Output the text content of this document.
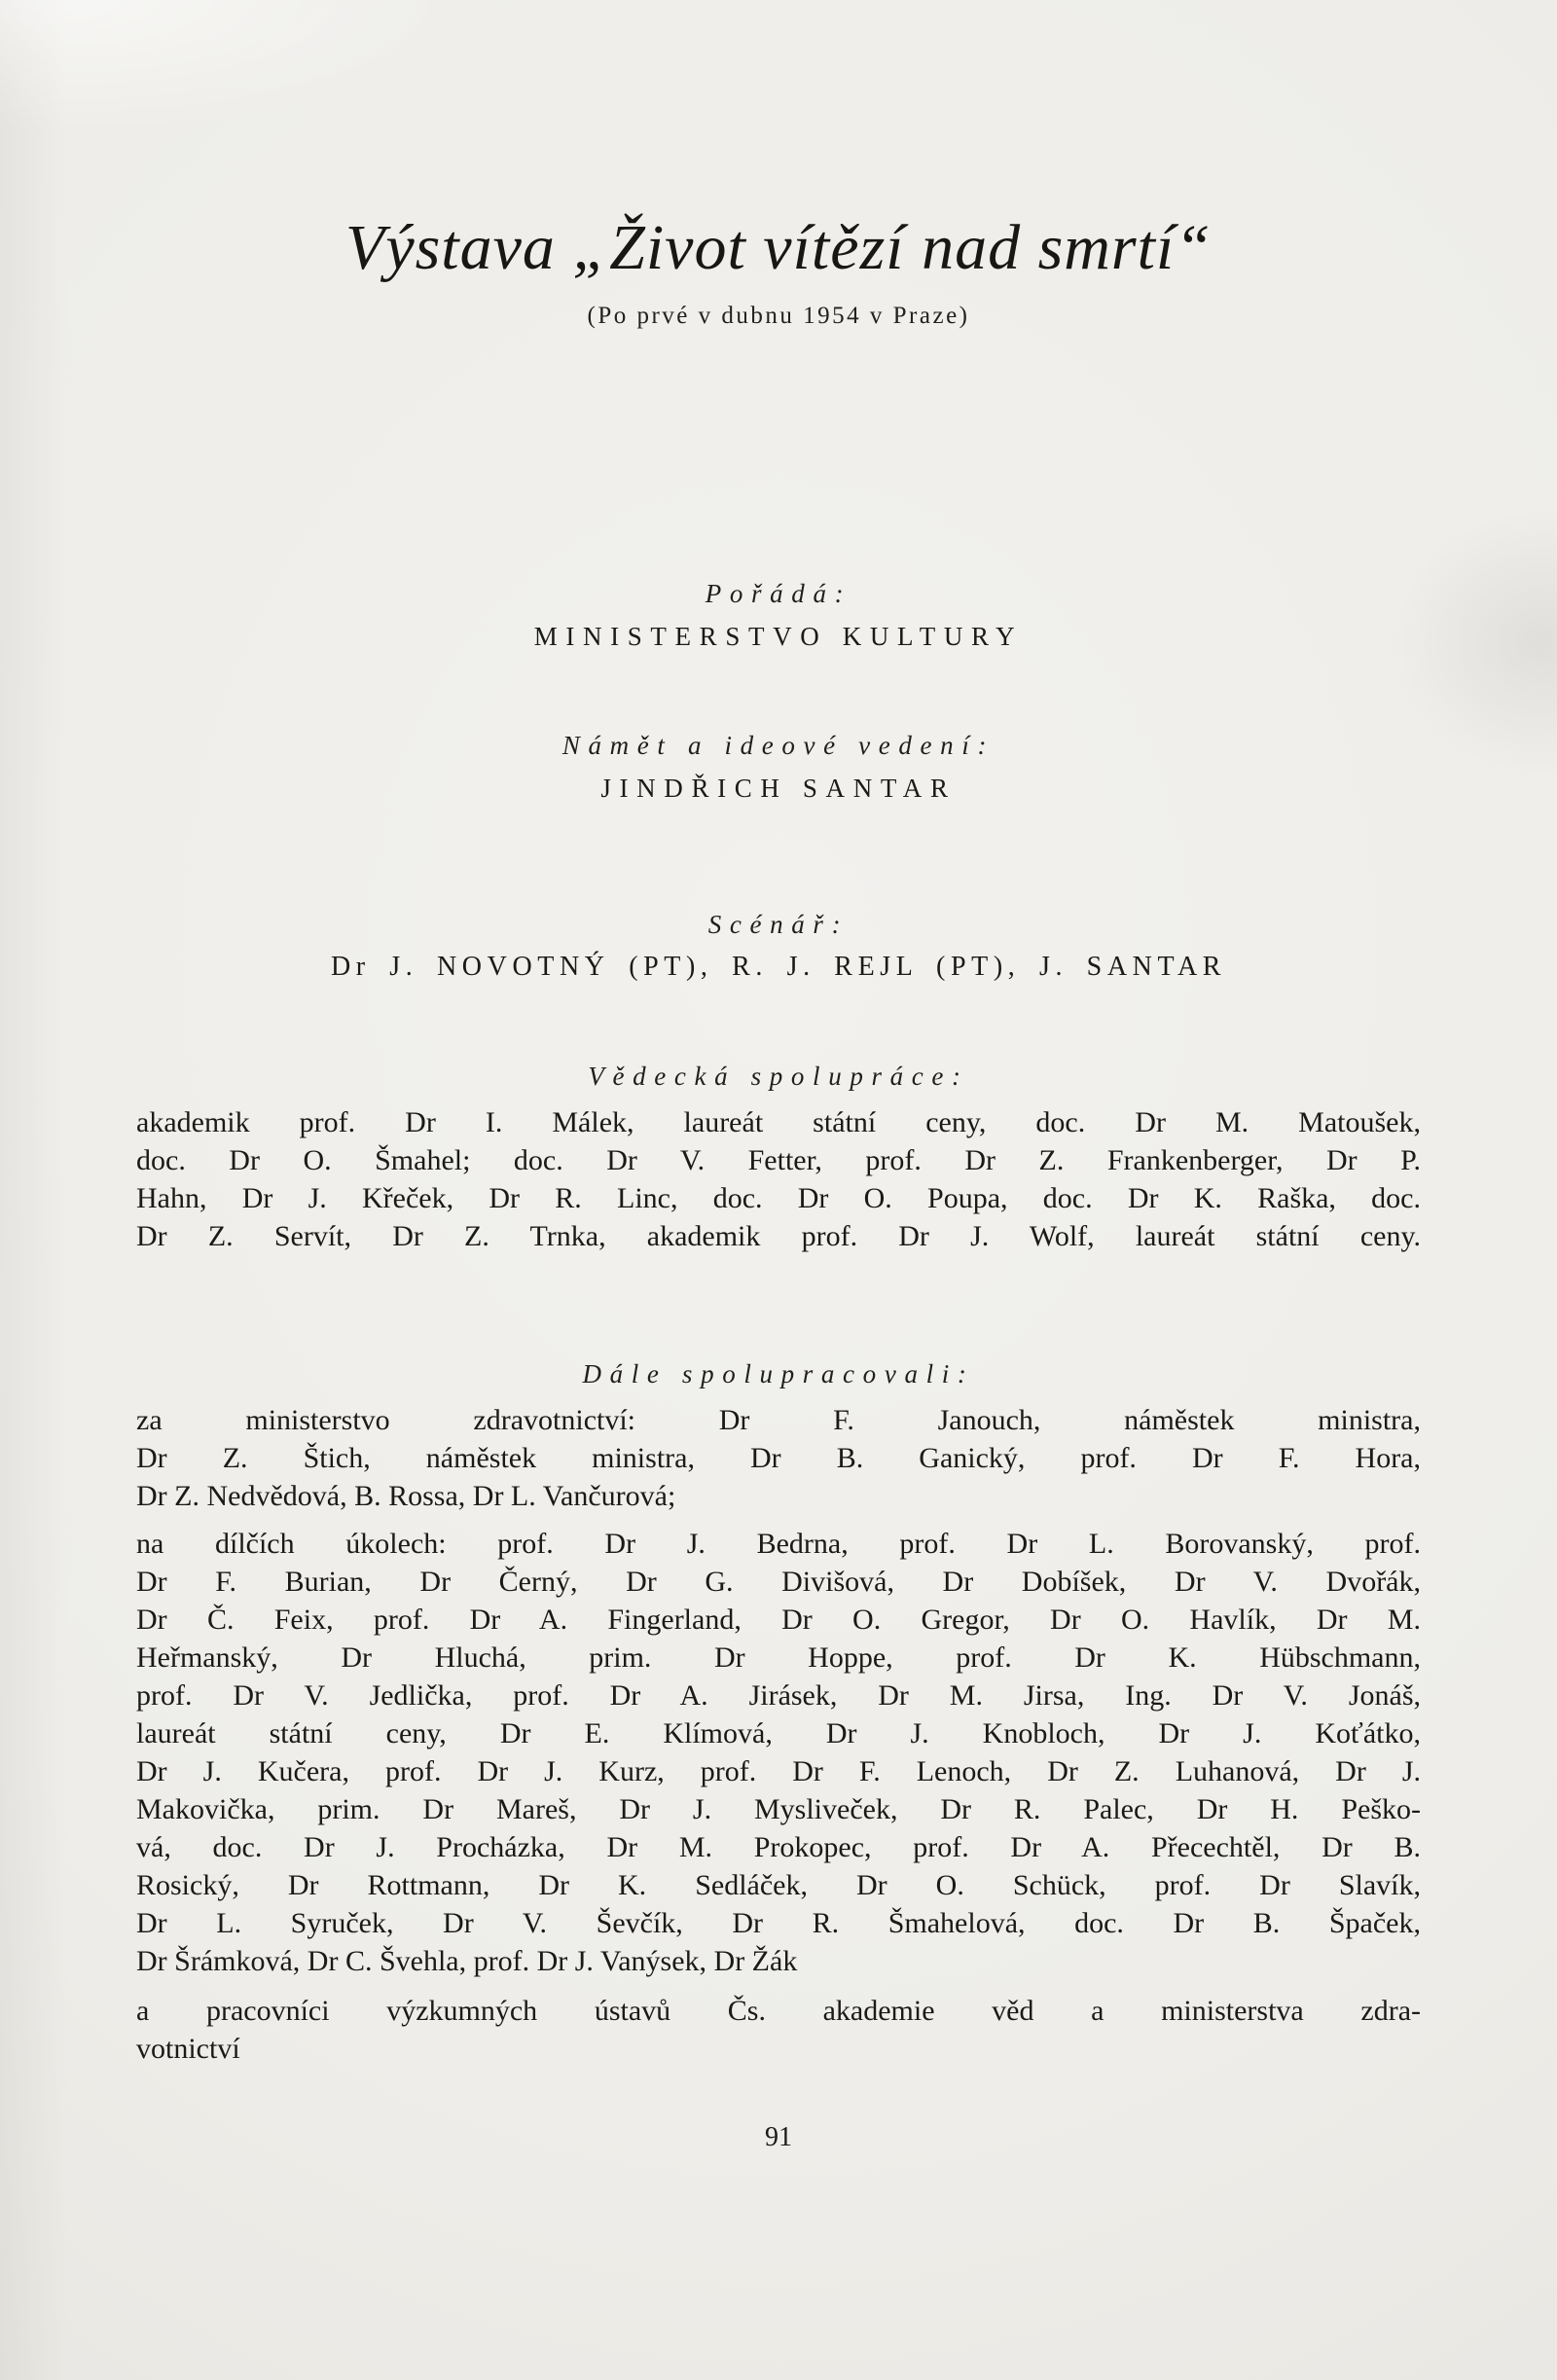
Výstava „Život vítězí nad smrtí“
(Po prvé v dubnu 1954 v Praze)
Pořádá:
MINISTERSTVO KULTURY
Námět a ideové vedení:
JINDŘICH SANTAR
Scénář:
Dr J. NOVOTNÝ (PT), R. J. REJL (PT), J. SANTAR
Vědecká spolupráce:
akademik prof. Dr I. Málek, laureát státní ceny, doc. Dr M. Matoušek,
doc. Dr O. Šmahel; doc. Dr V. Fetter, prof. Dr Z. Frankenberger, Dr P.
Hahn, Dr J. Křeček, Dr R. Linc, doc. Dr O. Poupa, doc. Dr K. Raška, doc.
Dr Z. Servít, Dr Z. Trnka, akademik prof. Dr J. Wolf, laureát státní ceny.
Dále spolupracovali:
za ministerstvo zdravotnictví: Dr F. Janouch, náměstek ministra,
Dr Z. Štich, náměstek ministra, Dr B. Ganický, prof. Dr F. Hora,
Dr Z. Nedvědová, B. Rossa, Dr L. Vančurová;
na dílčích úkolech: prof. Dr J. Bedrna, prof. Dr L. Borovanský, prof.
Dr F. Burian, Dr Černý, Dr G. Divišová, Dr Dobíšek, Dr V. Dvořák,
Dr Č. Feix, prof. Dr A. Fingerland, Dr O. Gregor, Dr O. Havlík, Dr M.
Heřmanský, Dr Hluchá, prim. Dr Hoppe, prof. Dr K. Hübschmann,
prof. Dr V. Jedlička, prof. Dr A. Jirásek, Dr M. Jirsa, Ing. Dr V. Jonáš,
laureát státní ceny, Dr E. Klímová, Dr J. Knobloch, Dr J. Koťátko,
Dr J. Kučera, prof. Dr J. Kurz, prof. Dr F. Lenoch, Dr Z. Luhanová, Dr J.
Makovička, prim. Dr Mareš, Dr J. Mysliveček, Dr R. Palec, Dr H. Peško-
vá, doc. Dr J. Procházka, Dr M. Prokopec, prof. Dr A. Přecechtěl, Dr B.
Rosický, Dr Rottmann, Dr K. Sedláček, Dr O. Schück, prof. Dr Slavík,
Dr L. Syruček, Dr V. Ševčík, Dr R. Šmahelová, doc. Dr B. Špaček,
Dr Šrámková, Dr C. Švehla, prof. Dr J. Vanýsek, Dr Žák
a pracovníci výzkumných ústavů Čs. akademie věd a ministerstva zdra-
votnictví
91
